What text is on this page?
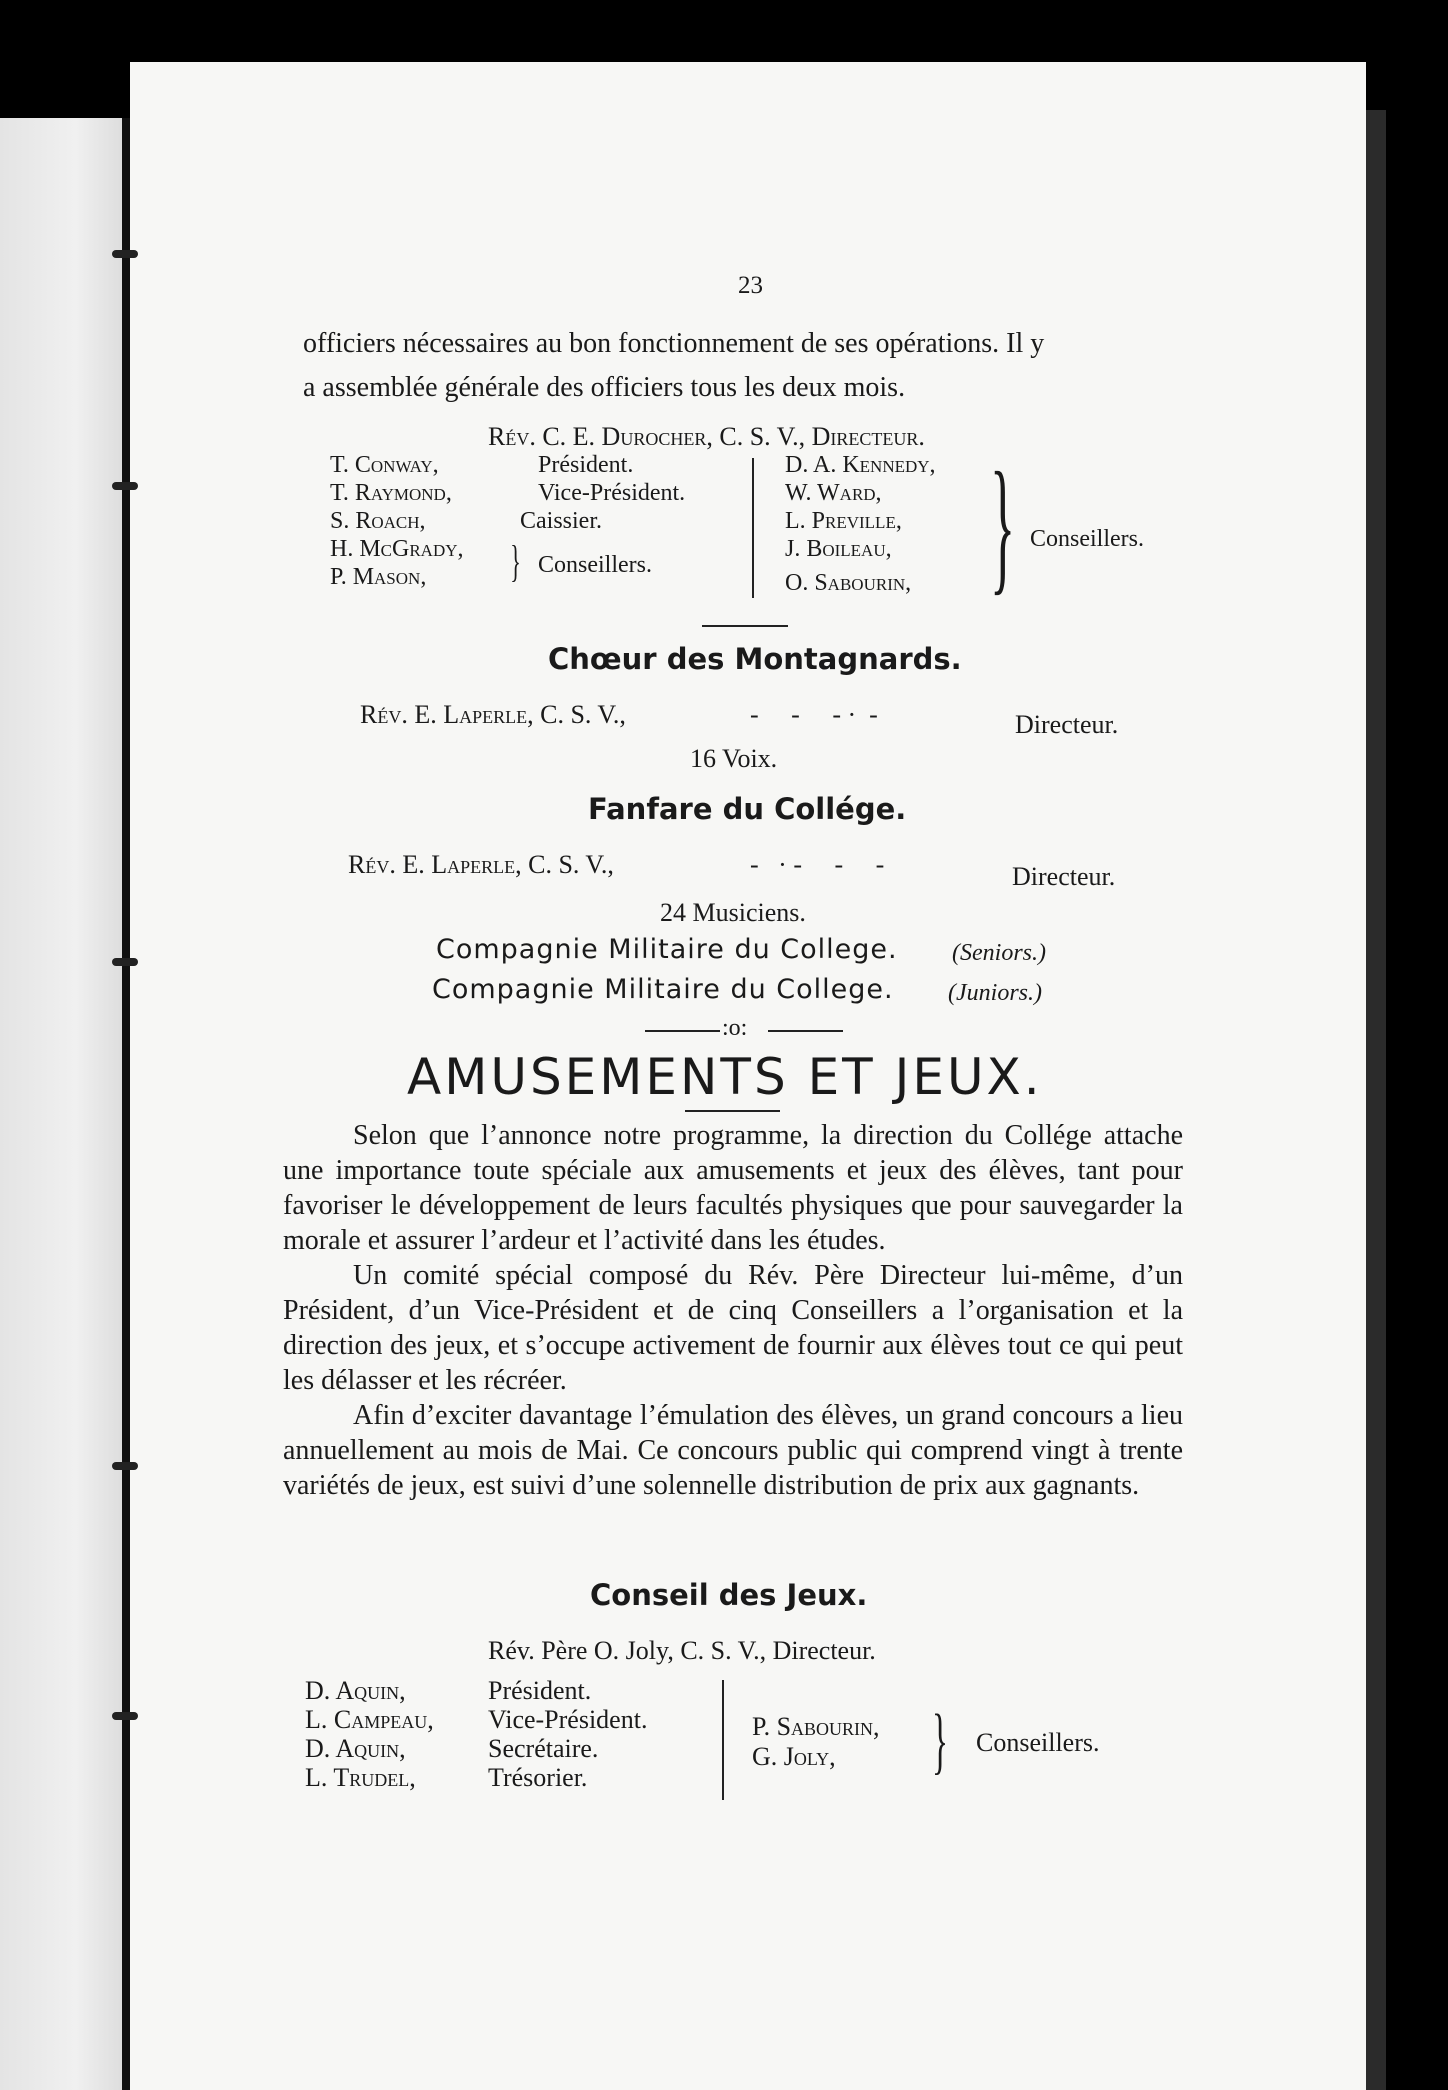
23
officiers nécessaires au bon fonctionnement de ses opérations. Il y
a assemblée générale des officiers tous les deux mois.
Rév. C. E. Durocher, C. S. V., Directeur.
T. Conway,	Président.
T. Raymond,	Vice-Président.
S. Roach,	Caissier.
H. McGrady,
P. Mason, } Conseillers.
D. A. Kennedy,
W. Ward,
L. Preville,
J. Boileau,
O. Sabourin, } Conseillers.
Chœur des Montagnards.
Rév. E. Laperle, C. S. V.,	-     -     - ·  -	Directeur.
16 Voix.
Fanfare du Collége.
Rév. E. Laperle, C. S. V.,	-   · -     -     -	Directeur.
24 Musiciens.
Compagnie Militaire du College. (Seniors.)
Compagnie Militaire du College. (Juniors.)
:o:
AMUSEMENTS ET JEUX.

Selon que l’annonce notre programme, la direction du Collége attache une importance toute spéciale aux amusements et jeux des élèves, tant pour favoriser le développement de leurs facultés physiques que pour sauvegarder la morale et assurer l’ardeur et l’activité dans les études.

Un comité spécial composé du Rév. Père Directeur lui-même, d’un Président, d’un Vice-Président et de cinq Conseillers a l’organisation et la direction des jeux, et s’occupe activement de fournir aux élèves tout ce qui peut les délasser et les récréer.

Afin d’exciter davantage l’émulation des élèves, un grand concours a lieu annuellement au mois de Mai. Ce concours public qui comprend vingt à trente variétés de jeux, est suivi d’une solennelle distribution de prix aux gagnants.

Conseil des Jeux.
Rév. Père O. Joly, C. S. V., Directeur.
D. Aquin,	Président.
L. Campeau, Vice-Président.
D. Aquin,	Secrétaire.
L. Trudel,	Trésorier.
P. Sabourin,
G. Joly, } Conseillers.
